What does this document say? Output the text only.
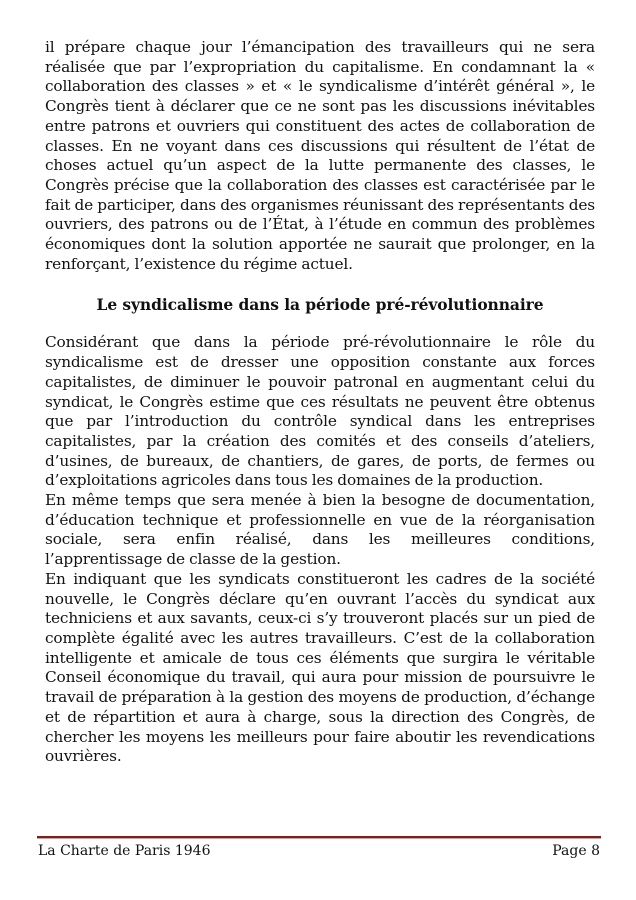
il prépare chaque jour l’émancipation des travailleurs qui ne sera réalisée que par l’expropriation du capitalisme. En condamnant la « collaboration des classes » et « le syndicalisme d’intérêt général », le Congrès tient à déclarer que ce ne sont pas les discussions inévitables entre patrons et ouvriers qui constituent des actes de collaboration de classes. En ne voyant dans ces discussions qui résultent de l’état de choses actuel qu’un aspect de la lutte permanente des classes, le Congrès précise que la collaboration des classes est caractérisée par le fait de participer, dans des organismes réunissant des représentants des ouvriers, des patrons ou de l’État, à l’étude en commun des problèmes économiques dont la solution apportée ne saurait que prolonger, en la renforçant, l’existence du régime actuel.

Le syndicalisme dans la période pré-révolutionnaire

Considérant que dans la période pré-révolutionnaire le rôle du syndicalisme est de dresser une opposition constante aux forces capitalistes, de diminuer le pouvoir patronal en augmentant celui du syndicat, le Congrès estime que ces résultats ne peuvent être obtenus que par l’introduction du contrôle syndical dans les entreprises capitalistes, par la création des comités et des conseils d’ateliers, d’usines, de bureaux, de chantiers, de gares, de ports, de fermes ou d’exploitations agricoles dans tous les domaines de la production.

En même temps que sera menée à bien la besogne de documentation, d’éducation technique et professionnelle en vue de la réorganisation sociale, sera enfin réalisé, dans les meilleures conditions, l’apprentissage de classe de la gestion.

En indiquant que les syndicats constitueront les cadres de la société nouvelle, le Congrès déclare qu’en ouvrant l’accès du syndicat aux techniciens et aux savants, ceux-ci s’y trouveront placés sur un pied de complète égalité avec les autres travailleurs. C’est de la collaboration intelligente et amicale de tous ces éléments que surgira le véritable Conseil économique du travail, qui aura pour mission de poursuivre le travail de préparation à la gestion des moyens de production, d’échange et de répartition et aura à charge, sous la direction des Congrès, de chercher les moyens les meilleurs pour faire aboutir les revendications ouvrières.

La Charte de Paris 1946	Page 8
